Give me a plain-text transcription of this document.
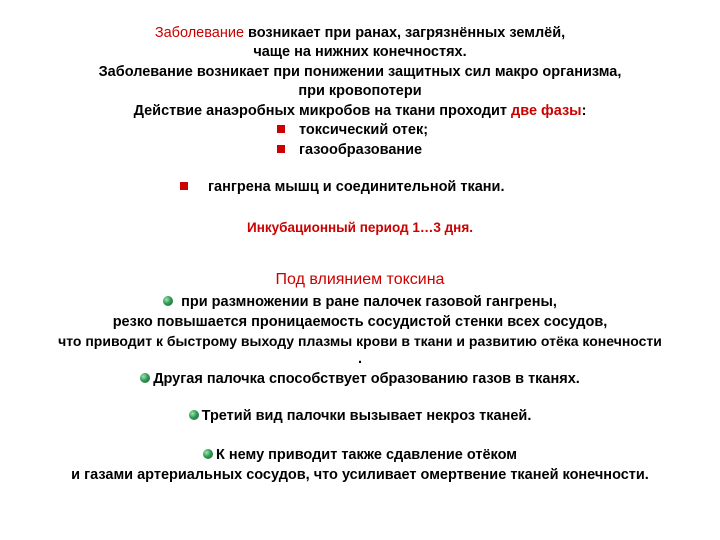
Заболевание возникает при ранах, загрязнённых землёй,
чаще на нижних конечностях.
Заболевание возникает при понижении защитных сил макро организма,
при кровопотери
Действие анаэробных микробов на ткани проходит две фазы:
токсический отек;
газообразование
гангрена мышц и соединительной ткани.
Инкубационный период 1…3 дня.
Под влиянием токсина
при размножении в ране палочек газовой гангрены,
резко повышается проницаемость сосудистой стенки всех сосудов,
что приводит к быстрому выходу плазмы крови в ткани и развитию отёка конечности
.
Другая палочка способствует образованию газов в тканях.
Третий вид палочки вызывает некроз тканей.
К нему приводит также сдавление отёком
и газами артериальных сосудов, что усиливает омертвение тканей конечности.
